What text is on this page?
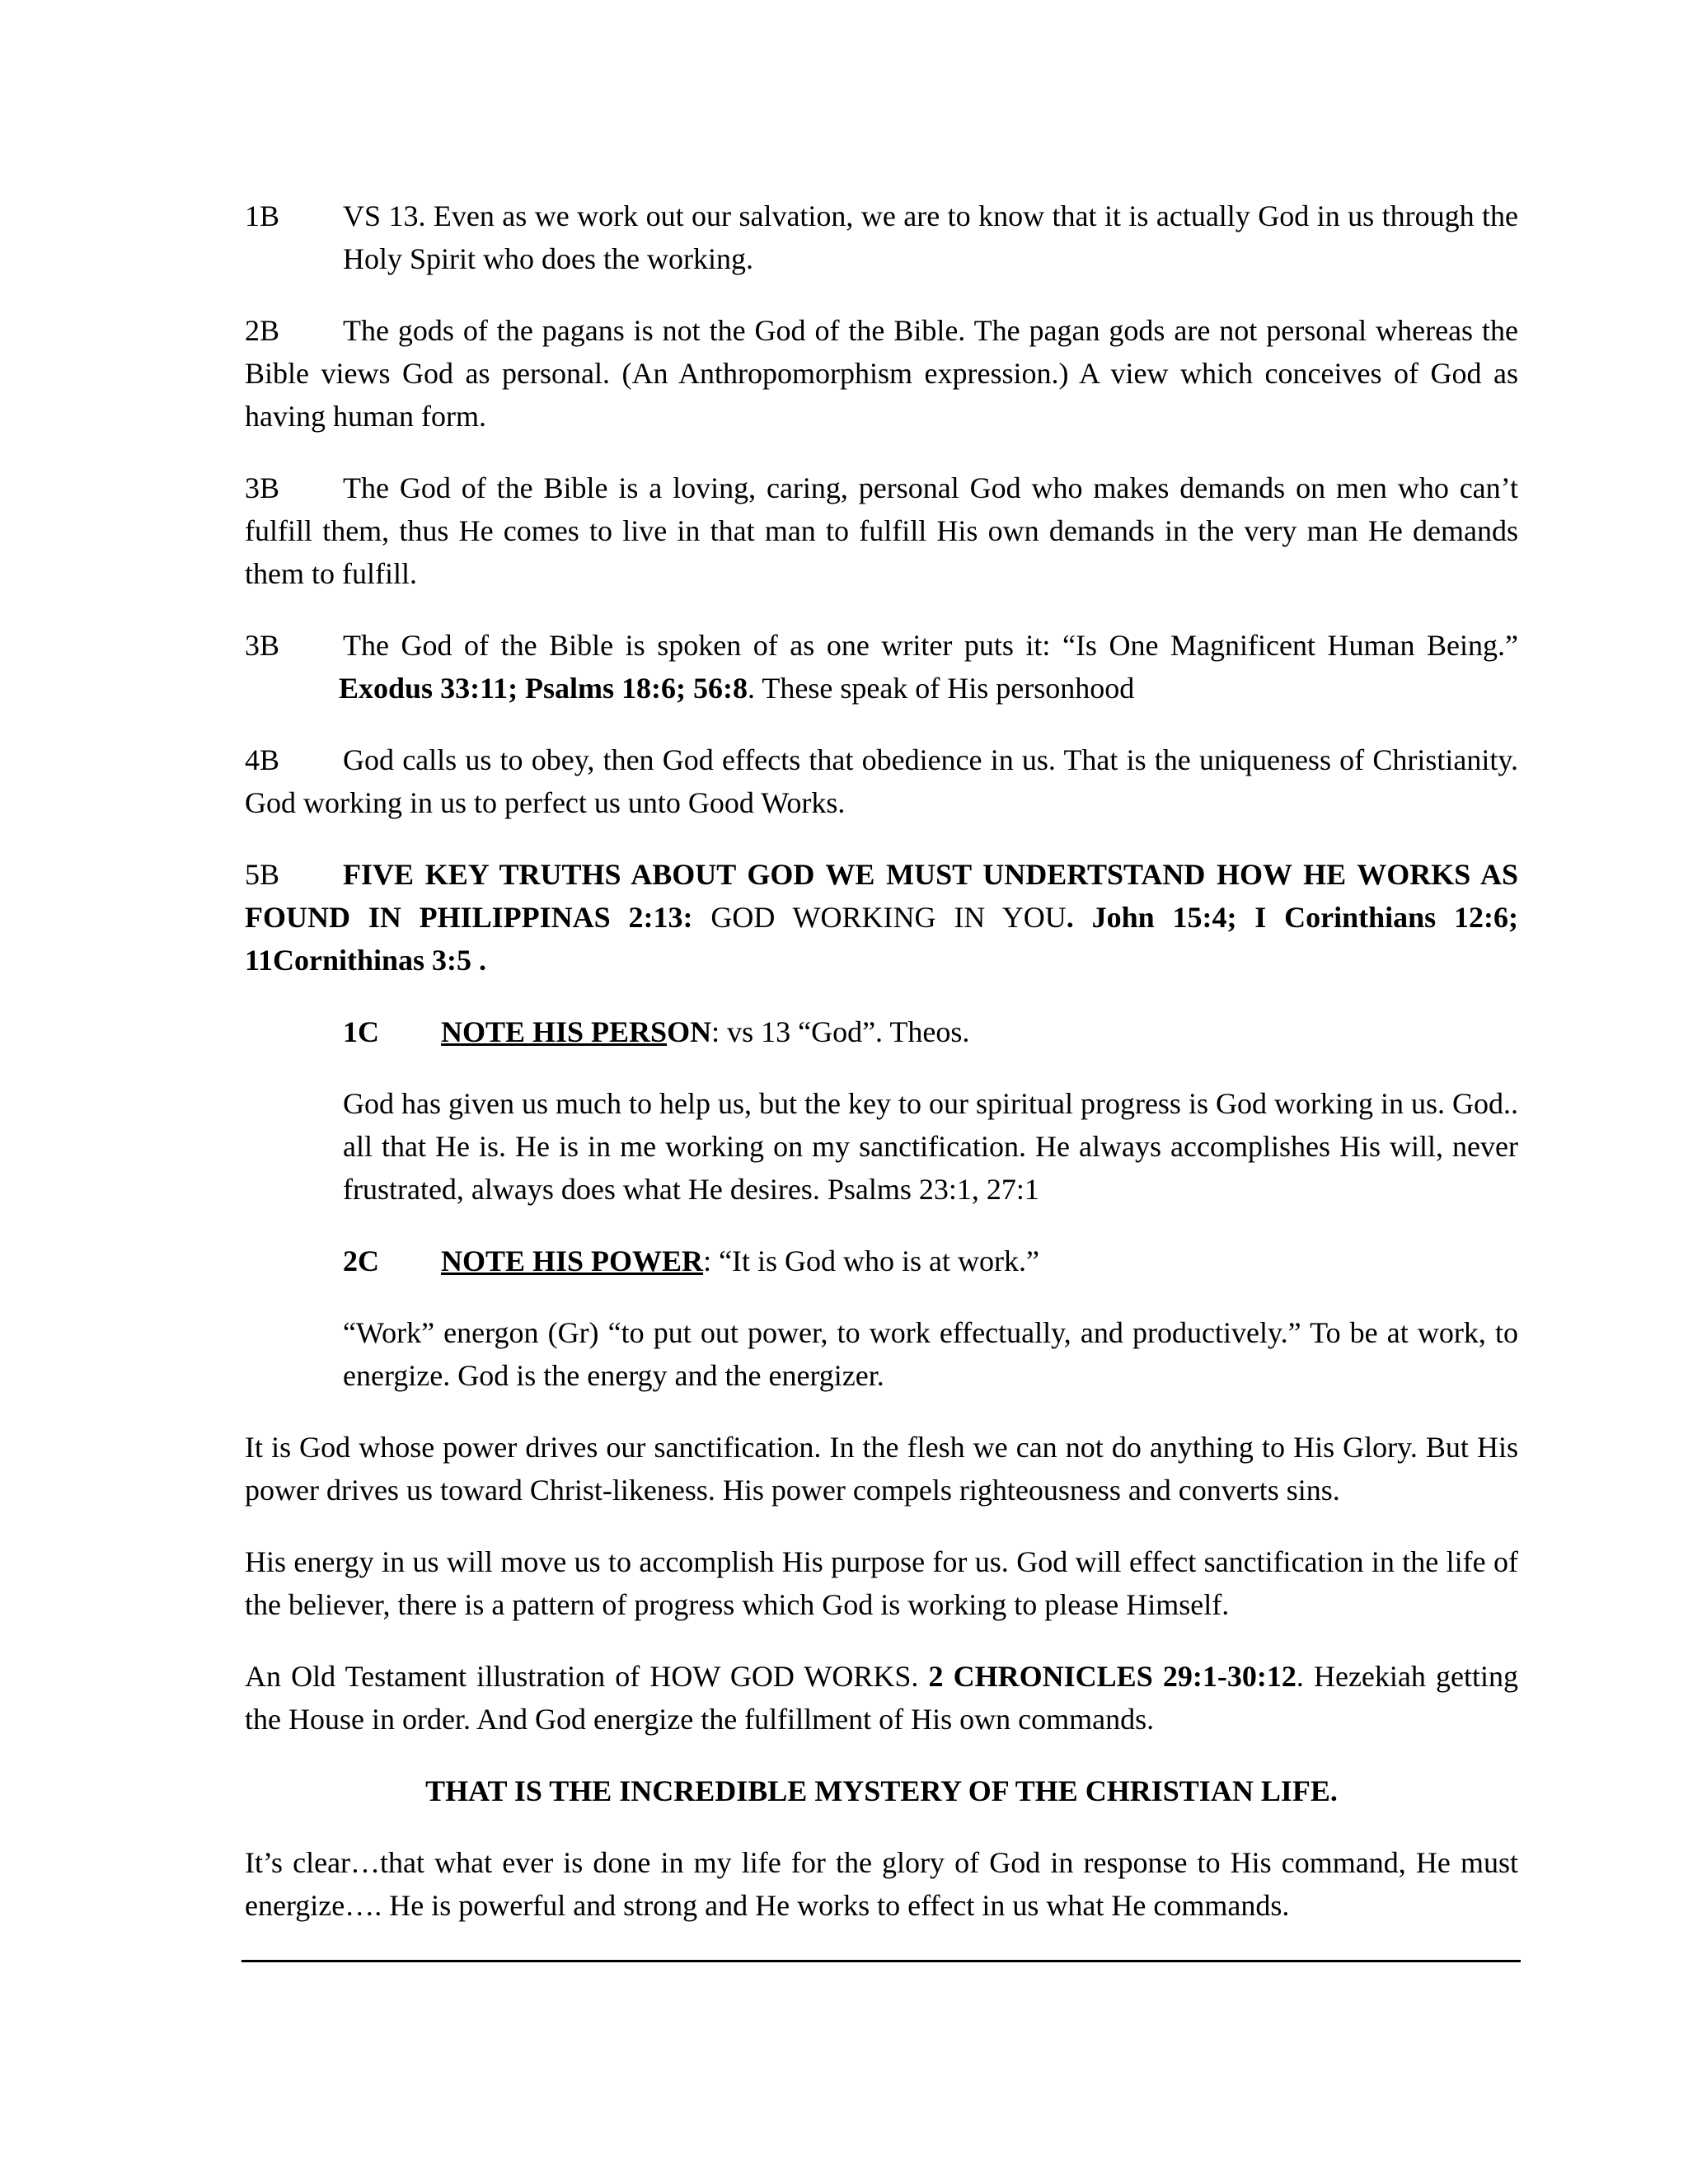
1B VS 13. Even as we work out our salvation, we are to know that it is actually God in us through the Holy Spirit who does the working.

2B The gods of the pagans is not the God of the Bible. The pagan gods are not personal whereas the Bible views God as personal. (An Anthropomorphism expression.) A view which conceives of God as having human form.

3B The God of the Bible is a loving, caring, personal God who makes demands on men who can’t fulfill them, thus He comes to live in that man to fulfill His own demands in the very man He demands them to fulfill.

3B The God of the Bible is spoken of as one writer puts it: “Is One Magnificent Human Being.”Exodus 33:11; Psalms 18:6; 56:8. These speak of His personhood

4B God calls us to obey, then God effects that obedience in us. That is the uniqueness of Christianity. God working in us to perfect us unto Good Works.

5B FIVE KEY TRUTHS ABOUT GOD WE MUST UNDERTSTAND HOW HE WORKS AS FOUND IN PHILIPPINAS 2:13: GOD WORKING IN YOU. John 15:4; I Corinthians 12:6; 11Cornithinas 3:5 .

1C NOTE HIS PERSON: vs 13 “God”. Theos.

God has given us much to help us, but the key to our spiritual progress is God working in us. God.. all that He is. He is in me working on my sanctification. He always accomplishes His will, never frustrated, always does what He desires. Psalms 23:1, 27:1

2C NOTE HIS POWER: “It is God who is at work.”

“Work” energon (Gr) “to put out power, to work effectually, and productively.” To be at work, to energize. God is the energy and the energizer.

It is God whose power drives our sanctification. In the flesh we can not do anything to His Glory. But His power drives us toward Christ-likeness. His power compels righteousness and converts sins.

His energy in us will move us to accomplish His purpose for us. God will effect sanctification in the life of the believer, there is a pattern of progress which God is working to please Himself.

An Old Testament illustration of HOW GOD WORKS. 2 CHRONICLES 29:1-30:12. Hezekiah getting the House in order. And God energize the fulfillment of His own commands.

THAT IS THE INCREDIBLE MYSTERY OF THE CHRISTIAN LIFE.

It’s clear…that what ever is done in my life for the glory of God in response to His command, He must energize…. He is powerful and strong and He works to effect in us what He commands.
